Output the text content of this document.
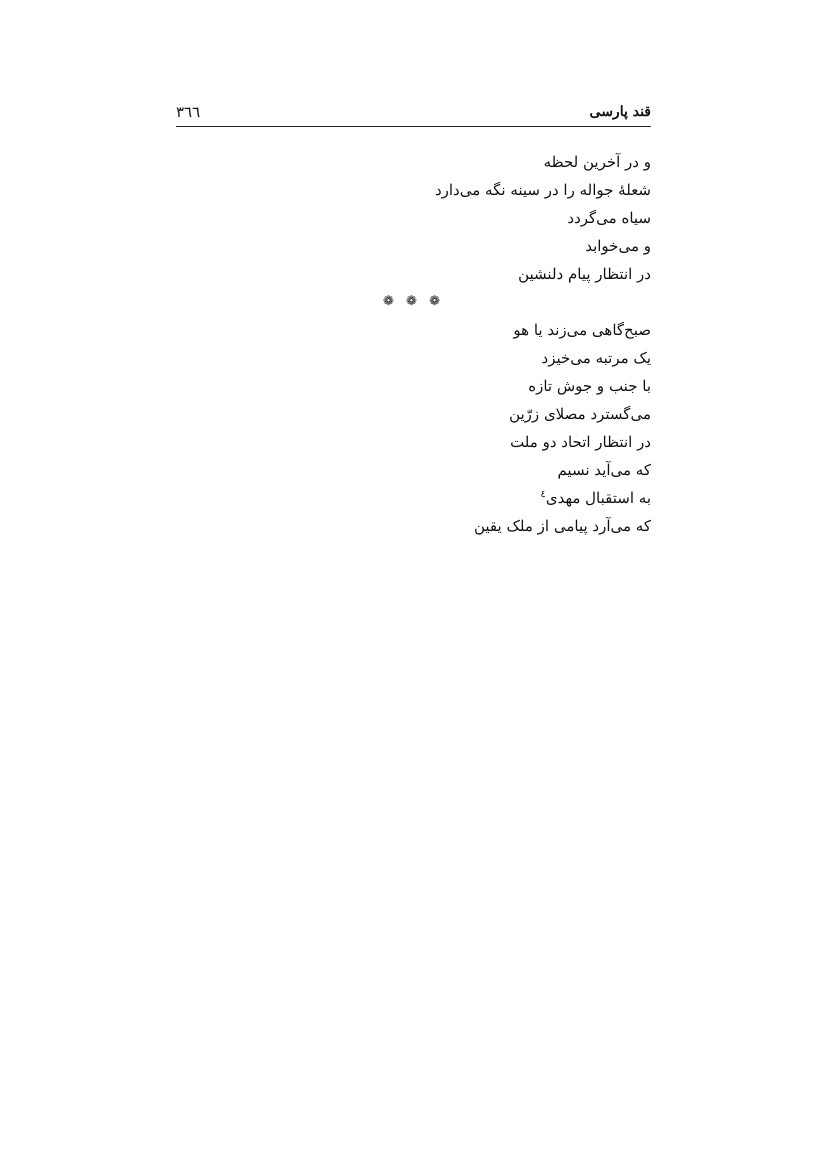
قند پارسی
۳٦٦
و در آخرین لحظه
شعلۀ جواله را در سینه نگه می‌دارد
سیاه می‌گردد
و می‌خوابد
در انتظار پیام دلنشین
❁ ❁ ❁
صبح‌گاهی می‌زند یا هو
یک مرتبه می‌خیزد
با جنب و جوش تازه
می‌گسترد مصلای زرّین
در انتظار اتحاد دو ملت
که می‌آید نسیم
به استقبال مهدی$^٤$
که می‌آرد پیامی از ملک یقین
